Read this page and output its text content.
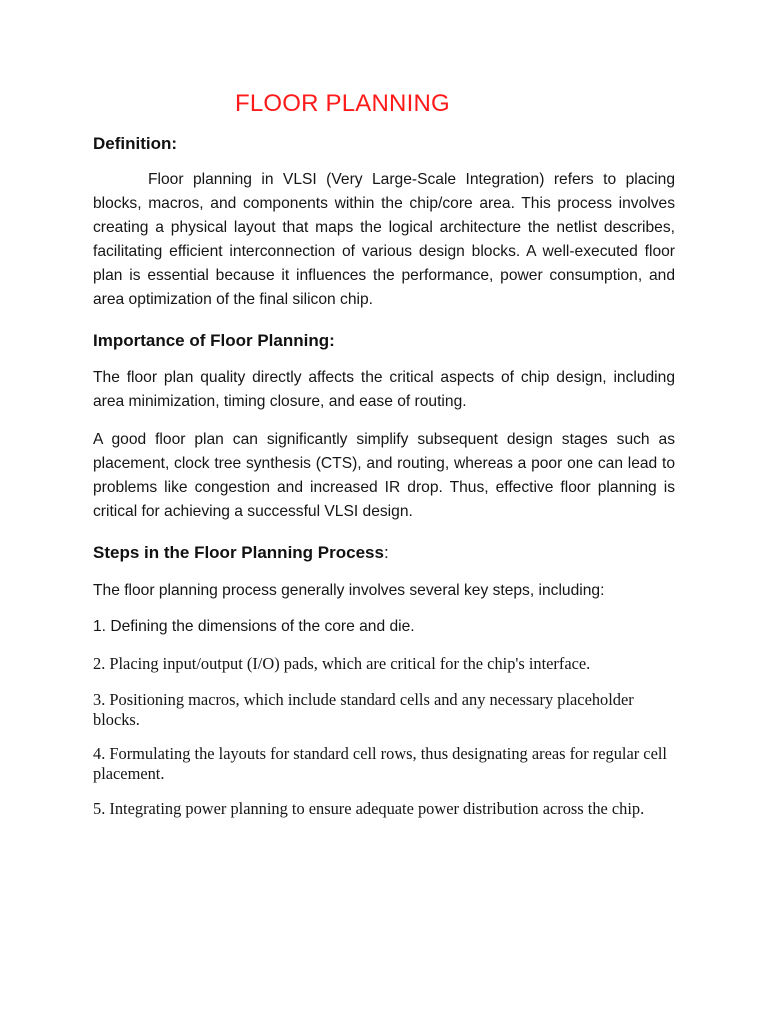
FLOOR PLANNING
Definition:

Floor planning in VLSI (Very Large-Scale Integration) refers to placing blocks, macros, and components within the chip/core area. This process involves creating a physical layout that maps the logical architecture the netlist describes, facilitating efficient interconnection of various design blocks. A well-executed floor plan is essential because it influences the performance, power consumption, and area optimization of the final silicon chip.

Importance of Floor Planning:

The floor plan quality directly affects the critical aspects of chip design, including area minimization, timing closure, and ease of routing.

A good floor plan can significantly simplify subsequent design stages such as placement, clock tree synthesis (CTS), and routing, whereas a poor one can lead to problems like congestion and increased IR drop. Thus, effective floor planning is critical for achieving a successful VLSI design.

Steps in the Floor Planning Process:

The floor planning process generally involves several key steps, including:

1. Defining the dimensions of the core and die.

2. Placing input/output (I/O) pads, which are critical for the chip's interface.

3. Positioning macros, which include standard cells and any necessary placeholder blocks.

4. Formulating the layouts for standard cell rows, thus designating areas for regular cell placement.

5. Integrating power planning to ensure adequate power distribution across the chip.
